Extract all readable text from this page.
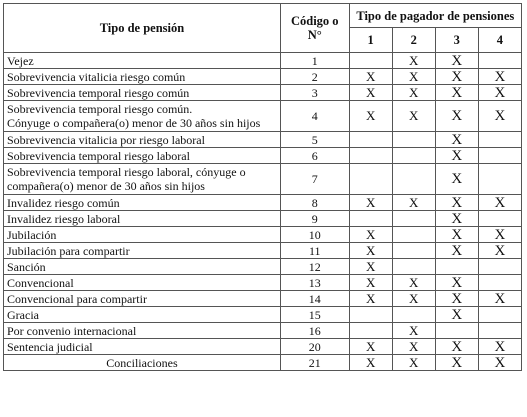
Tipo de pensión	Código o N°	Tipo de pagador de pensiones			
		1	2	3	4

Vejez	1		X	X	

Sobrevivencia vitalicia riesgo común	2	X	X	X	X

Sobrevivencia temporal riesgo común	3	X	X	X	X

Sobrevivencia temporal riesgo común.
Cónyuge o compañera(o) menor de 30 años sin hijos	4	X	X	X	X

Sobrevivencia vitalicia por riesgo laboral	5			X	

Sobrevivencia temporal riesgo laboral	6			X	

Sobrevivencia temporal riesgo laboral, cónyuge o
compañera(o) menor de 30 años sin hijos	7			X	

Invalidez riesgo común	8	X	X	X	X

Invalidez riesgo laboral	9			X	

Jubilación	10	X		X	X

Jubilación para compartir	11	X		X	X

Sanción	12	X			

Convencional	13	X	X	X	

Convencional para compartir	14	X	X	X	X

Gracia	15			X	

Por convenio internacional	16		X		

Sentencia judicial	20	X	X	X	X

Conciliaciones	21	X	X	X	X
